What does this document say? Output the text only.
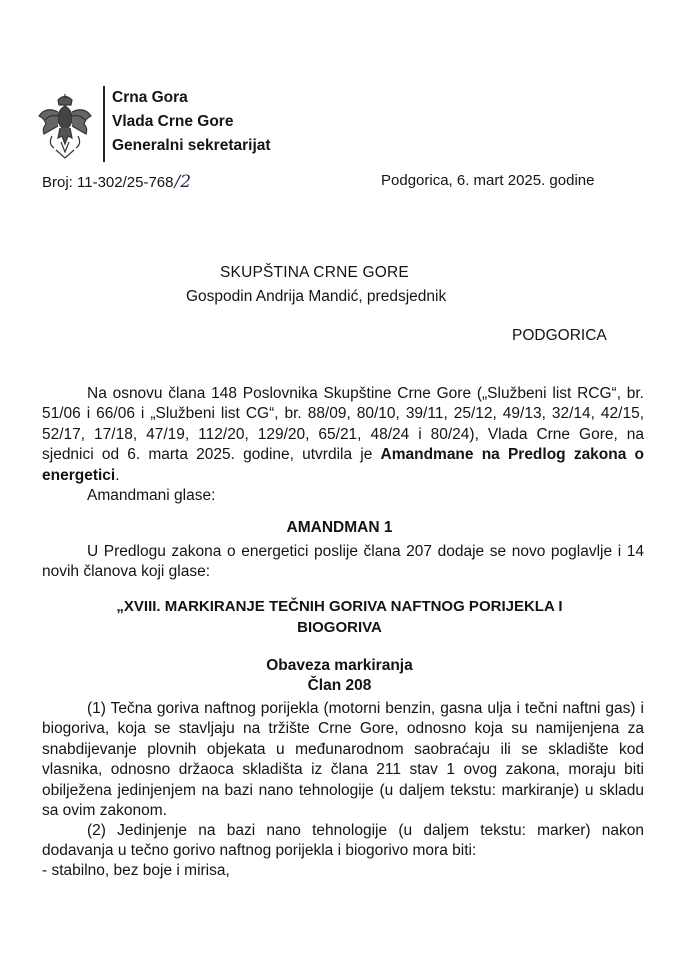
Crna Gora
Vlada Crne Gore
Generalni sekretarijat
Broj: 11-302/25-768/2	Podgorica, 6. mart 2025. godine
SKUPŠTINA CRNE GORE
Gospodin Andrija Mandić, predsjednik
PODGORICA
Na osnovu člana 148 Poslovnika Skupštine Crne Gore („Službeni list RCG“, br. 51/06 i 66/06 i „Službeni list CG“, br. 88/09, 80/10, 39/11, 25/12, 49/13, 32/14, 42/15, 52/17, 17/18, 47/19, 112/20, 129/20, 65/21, 48/24 i 80/24), Vlada Crne Gore, na sjednici od 6. marta 2025. godine, utvrdila je Amandmane na Predlog zakona o energetici.
Amandmani glase:
AMANDMAN 1
U Predlogu zakona o energetici poslije člana 207 dodaje se novo poglavlje i 14 novih članova koji glase:
„XVIII. MARKIRANJE TEČNIH GORIVA NAFTNOG PORIJEKLA I
BIOGORIVA
Obaveza markiranja
Član 208
(1) Tečna goriva naftnog porijekla (motorni benzin, gasna ulja i tečni naftni gas) i biogoriva, koja se stavljaju na tržište Crne Gore, odnosno koja su namijenjena za snabdijevanje plovnih objekata u međunarodnom saobraćaju ili se skladište kod vlasnika, odnosno držaoca skladišta iz člana 211 stav 1 ovog zakona, moraju biti obilježena jedinjenjem na bazi nano tehnologije (u daljem tekstu: markiranje) u skladu sa ovim zakonom.
(2) Jedinjenje na bazi nano tehnologije (u daljem tekstu: marker) nakon dodavanja u tečno gorivo naftnog porijekla i biogorivo mora biti:
- stabilno, bez boje i mirisa,
